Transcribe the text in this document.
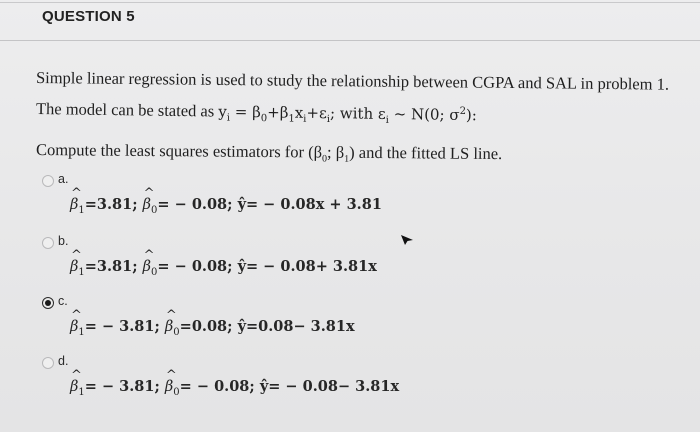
QUESTION 5
Simple linear regression is used to study the relationship between CGPA and SAL in problem 1.
The model can be stated as $y_i = \beta_0+\beta_1x_i+\varepsilon_i$; with $\varepsilon_i$ ~ N(0; $\sigma^2$):
Compute the least squares estimators for ($\beta_0$; $\beta_1$) and the fitted LS line.
a.
^ $\beta_1=3.81$; ^ $\beta_0= - 0.08$; ŷ= − 0.08x + 3.81
b.
^ $\beta_1=3.81$; ^ $\beta_0= - 0.08$; ŷ= − 0.08+ 3.81x
c.
^ $\beta_1= - 3.81$; ^ $\beta_0=0.08$; ŷ=0.08− 3.81x
d.
^ $\beta_1= - 3.81$; ^ $\beta_0= - 0.08$; ŷ= − 0.08− 3.81x
